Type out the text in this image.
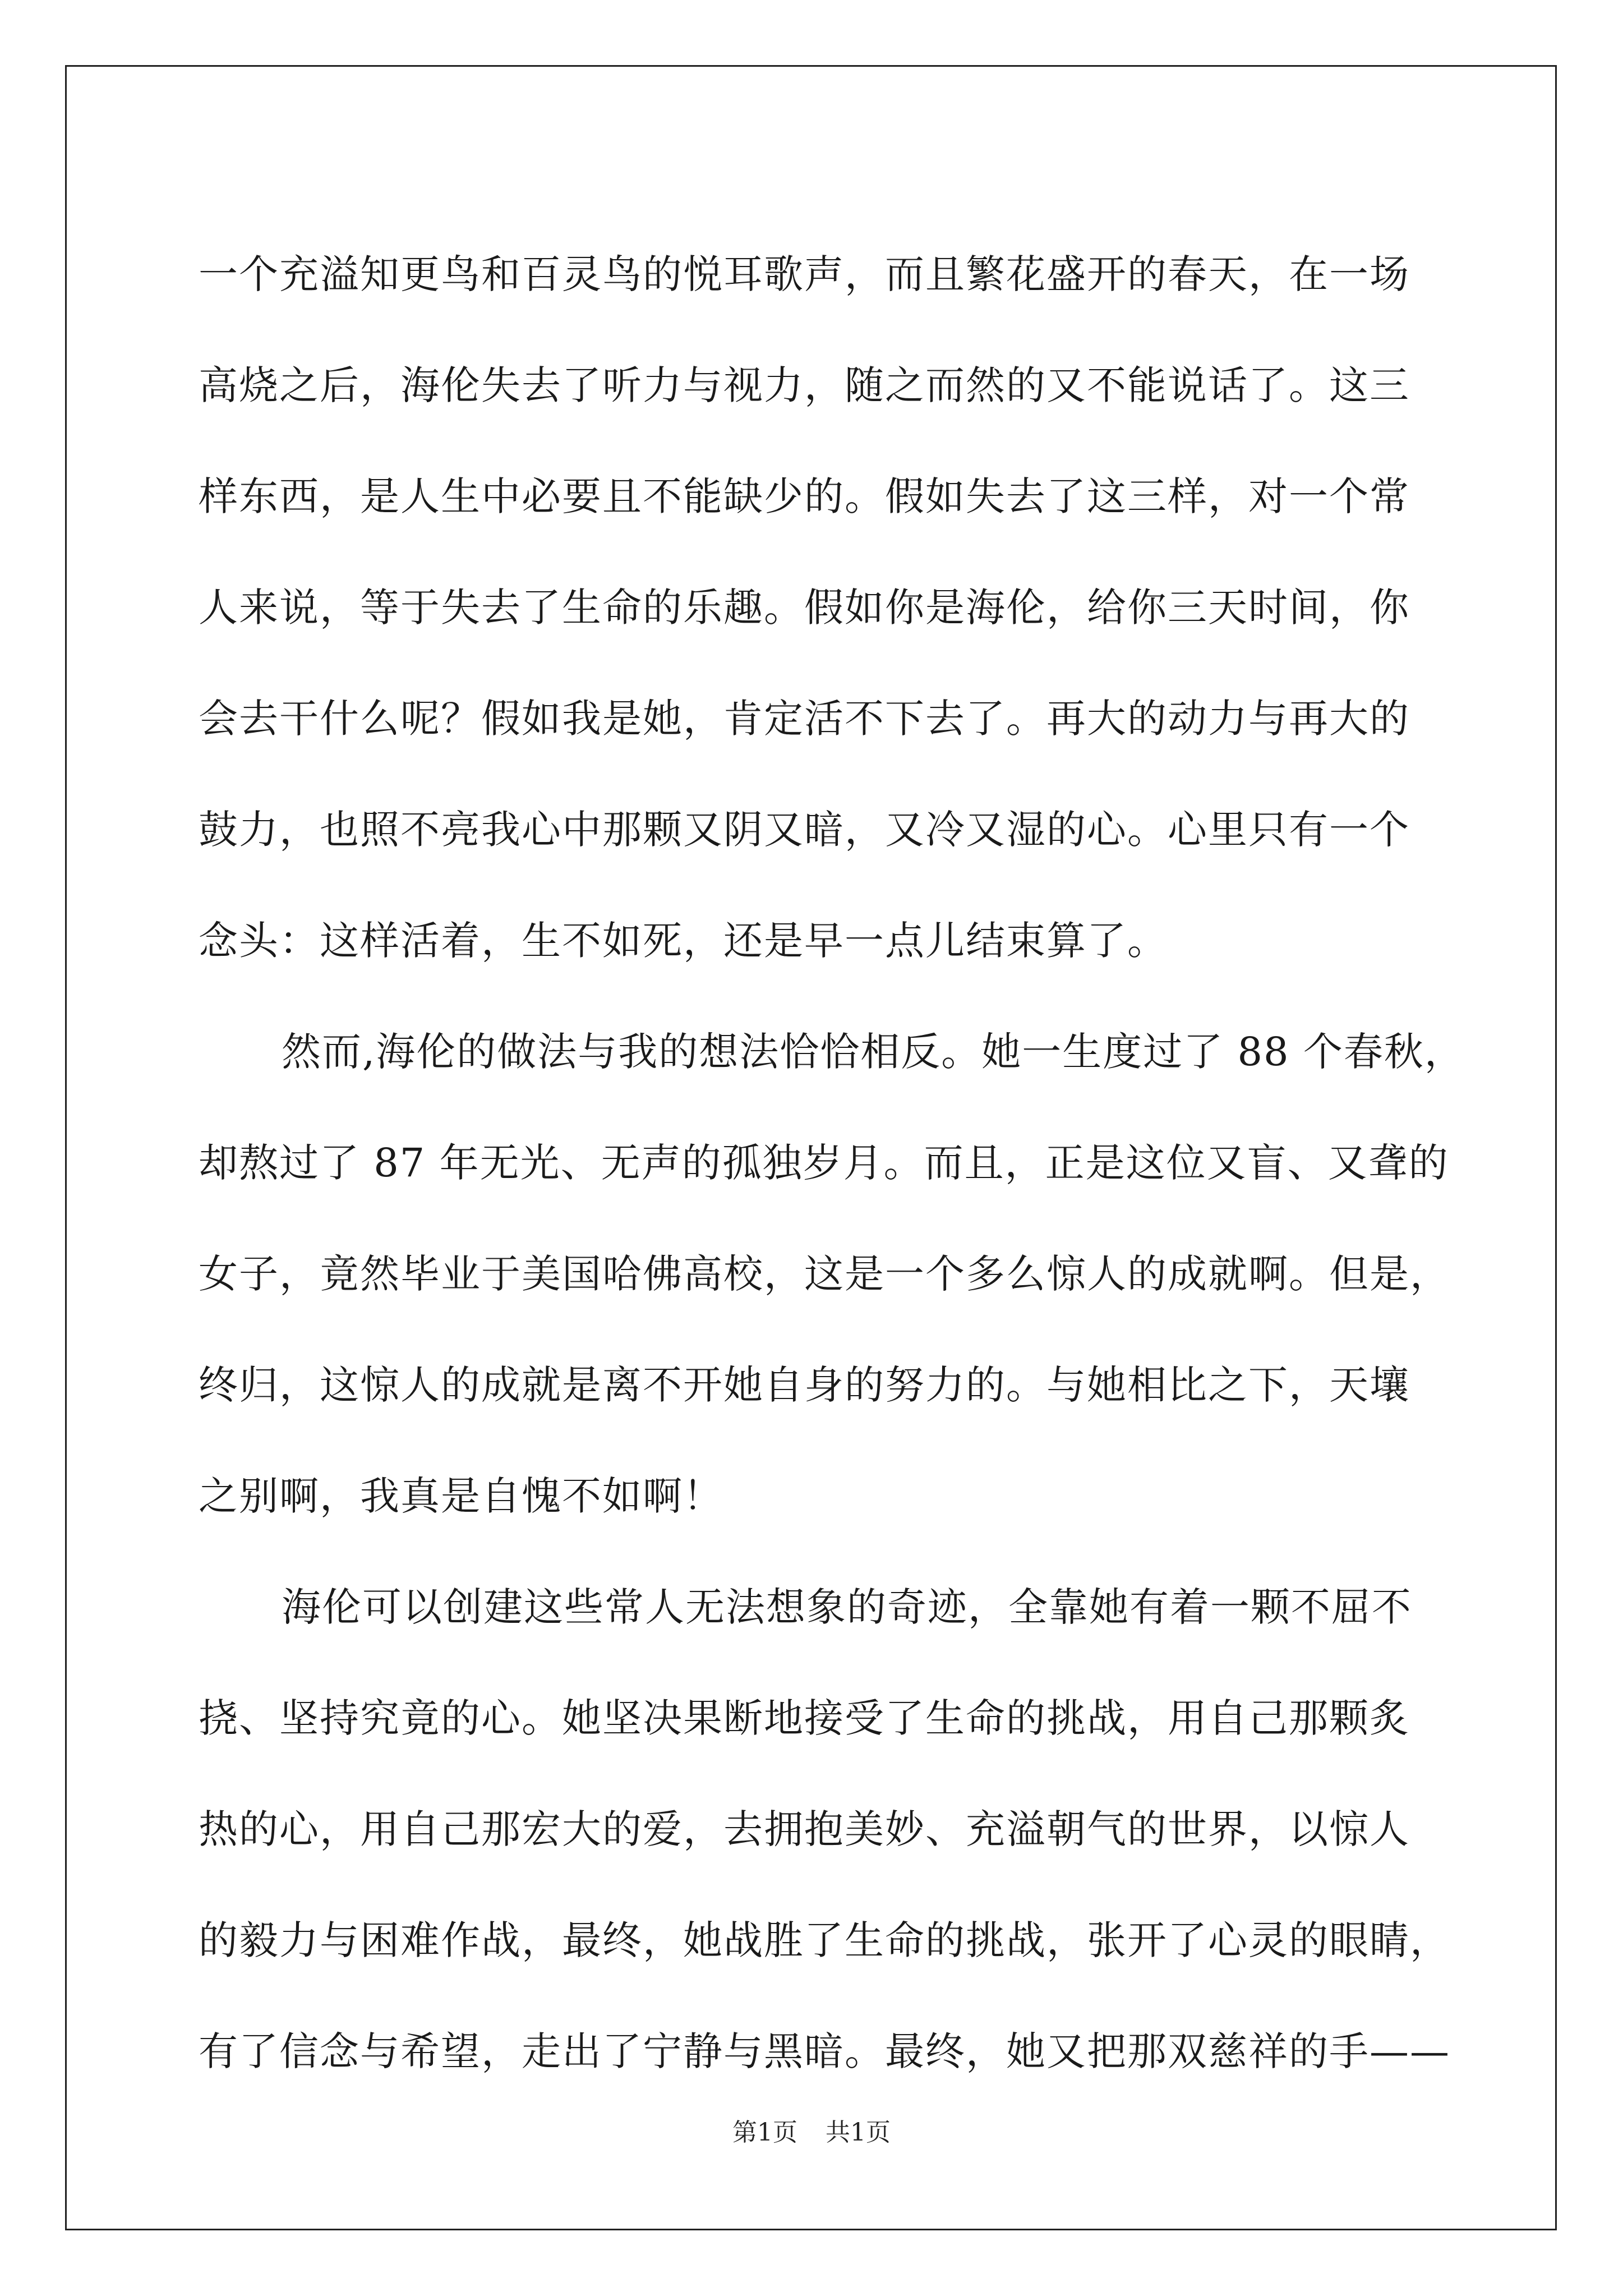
一个充溢知更鸟和百灵鸟的悦耳歌声，而且繁花盛开的春天，在一场
高烧之后，海伦失去了听力与视力，随之而然的又不能说话了。这三
样东西，是人生中必要且不能缺少的。假如失去了这三样，对一个常
人来说，等于失去了生命的乐趣。假如你是海伦，给你三天时间，你
会去干什么呢？假如我是她，肯定活不下去了。再大的动力与再大的
鼓力，也照不亮我心中那颗又阴又暗，又冷又湿的心。心里只有一个
念头：这样活着，生不如死，还是早一点儿结束算了。
然而,海伦的做法与我的想法恰恰相反。她一生度过了 88 个春秋，
却熬过了 87 年无光、无声的孤独岁月。而且，正是这位又盲、又聋的
女子，竟然毕业于美国哈佛高校，这是一个多么惊人的成就啊。但是，
终归，这惊人的成就是离不开她自身的努力的。与她相比之下，天壤
之别啊，我真是自愧不如啊！
海伦可以创建这些常人无法想象的奇迹，全靠她有着一颗不屈不
挠、坚持究竟的心。她坚决果断地接受了生命的挑战，用自己那颗炙
热的心，用自己那宏大的爱，去拥抱美妙、充溢朝气的世界，以惊人
的毅力与困难作战，最终，她战胜了生命的挑战，张开了心灵的眼睛，
有了信念与希望，走出了宁静与黑暗。最终，她又把那双慈祥的手——
第1页 共1页
